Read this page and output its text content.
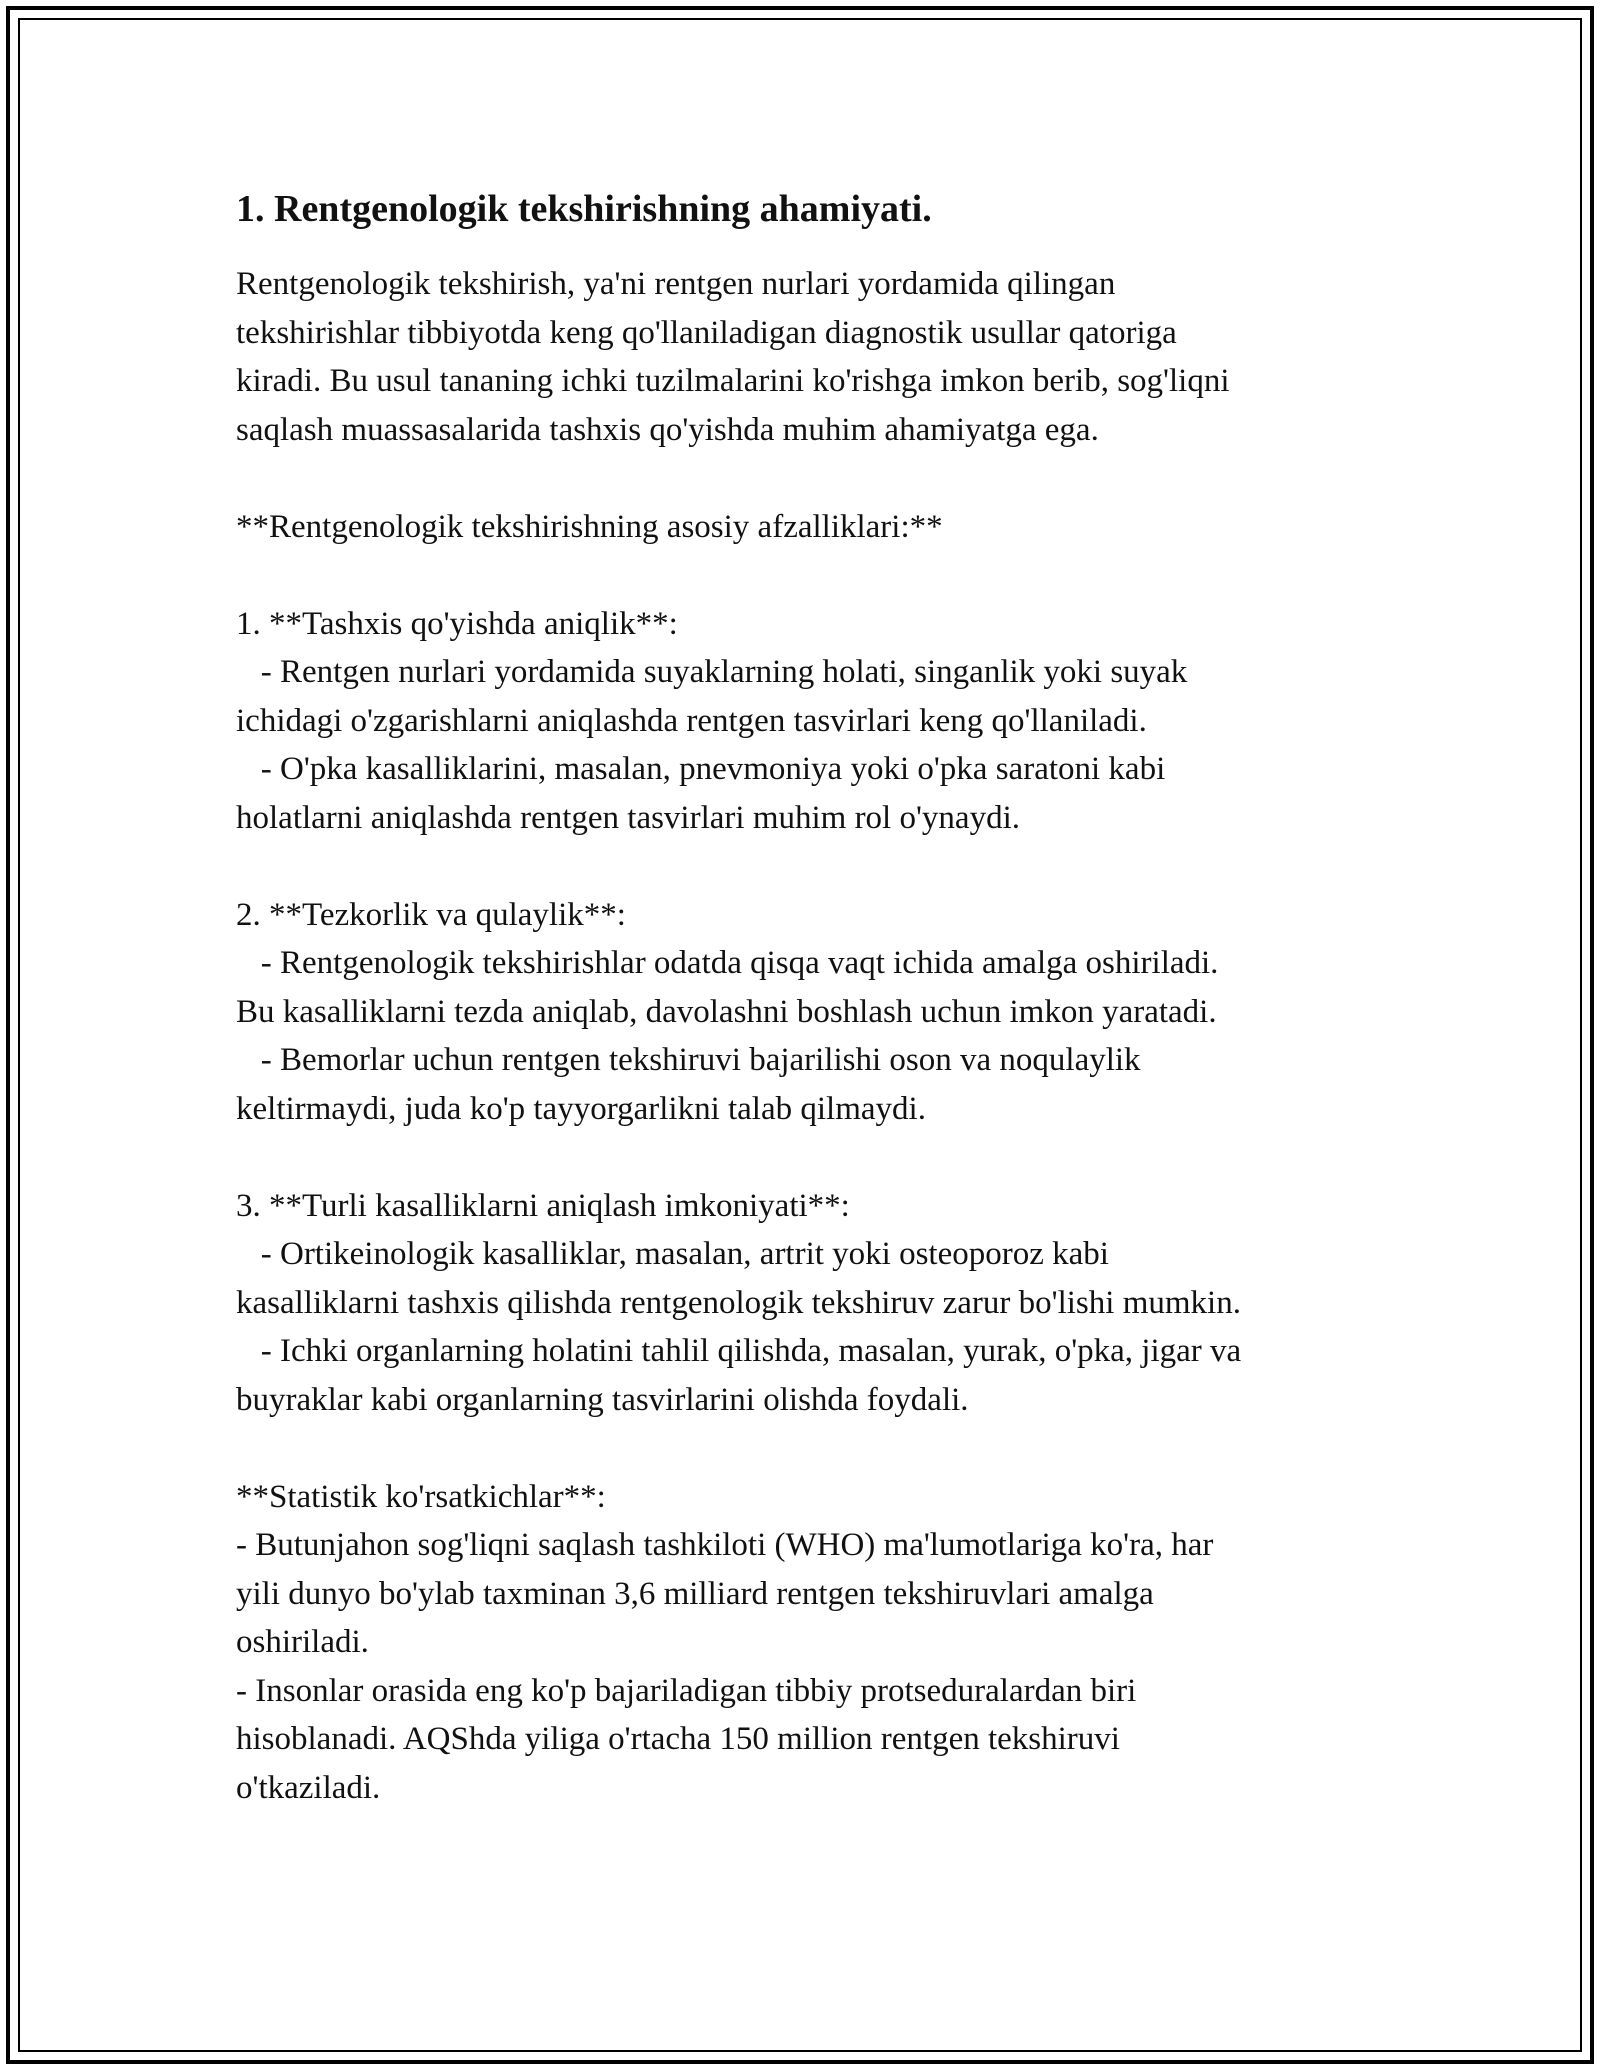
1. Rentgenologik tekshirishning ahamiyati.

Rentgenologik tekshirish, ya'ni rentgen nurlari yordamida qilingan
tekshirishlar tibbiyotda keng qo'llaniladigan diagnostik usullar qatoriga
kiradi. Bu usul tananing ichki tuzilmalarini ko'rishga imkon berib, sog'liqni
saqlash muassasalarida tashxis qo'yishda muhim ahamiyatga ega.

**Rentgenologik tekshirishning asosiy afzalliklari:**

1. **Tashxis qo'yishda aniqlik**:
- Rentgen nurlari yordamida suyaklarning holati, singanlik yoki suyak
ichidagi o'zgarishlarni aniqlashda rentgen tasvirlari keng qo'llaniladi.
- O'pka kasalliklarini, masalan, pnevmoniya yoki o'pka saratoni kabi
holatlarni aniqlashda rentgen tasvirlari muhim rol o'ynaydi.

2. **Tezkorlik va qulaylik**:
- Rentgenologik tekshirishlar odatda qisqa vaqt ichida amalga oshiriladi.
Bu kasalliklarni tezda aniqlab, davolashni boshlash uchun imkon yaratadi.
- Bemorlar uchun rentgen tekshiruvi bajarilishi oson va noqulaylik
keltirmaydi, juda ko'p tayyorgarlikni talab qilmaydi.

3. **Turli kasalliklarni aniqlash imkoniyati**:
- Ortikeinologik kasalliklar, masalan, artrit yoki osteoporoz kabi
kasalliklarni tashxis qilishda rentgenologik tekshiruv zarur bo'lishi mumkin.
- Ichki organlarning holatini tahlil qilishda, masalan, yurak, o'pka, jigar va
buyraklar kabi organlarning tasvirlarini olishda foydali.

**Statistik ko'rsatkichlar**:
- Butunjahon sog'liqni saqlash tashkiloti (WHO) ma'lumotlariga ko'ra, har
yili dunyo bo'ylab taxminan 3,6 milliard rentgen tekshiruvlari amalga
oshiriladi.
- Insonlar orasida eng ko'p bajariladigan tibbiy protseduralardan biri
hisoblanadi. AQShda yiliga o'rtacha 150 million rentgen tekshiruvi
o'tkaziladi.
